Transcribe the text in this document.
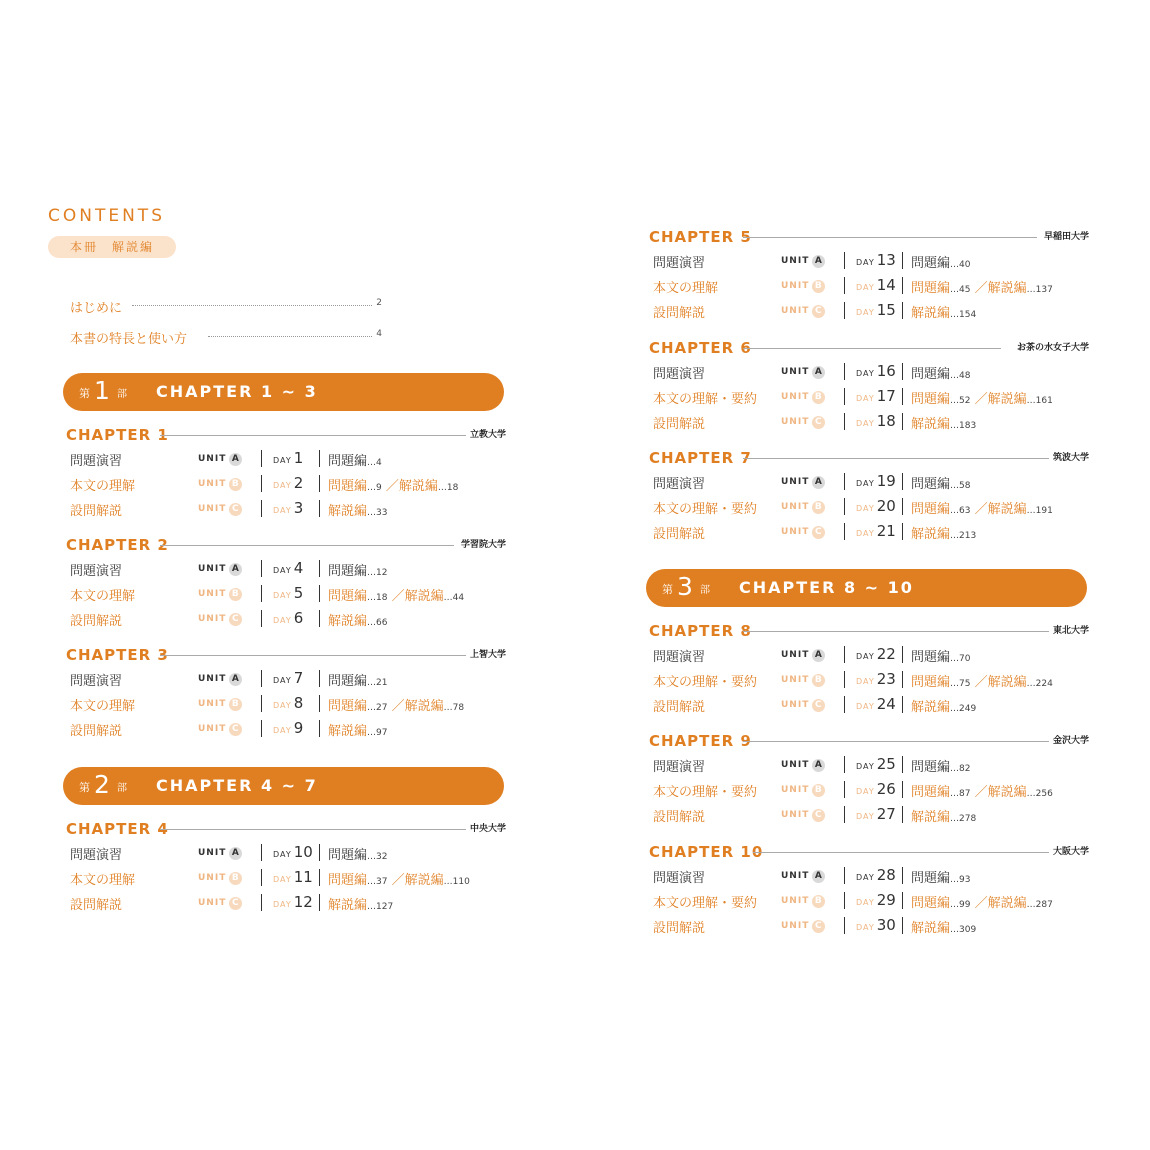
CONTENTS
本冊　解説編
はじめに	2
本書の特長と使い方	4
第 1 部 CHAPTER 1 ~ 3
第 2 部 CHAPTER 4 ~ 7
第 3 部 CHAPTER 8 ~ 10
CHAPTER 1	立教大学
問題演習	UNIT A	DAY 1 問題編…4
本文の理解	UNIT B	DAY 2 問題編…9 ／解説編…18
設問解説	UNIT C	DAY 3 解説編…33
CHAPTER 2	学習院大学
問題演習	UNIT A	DAY 4 問題編…12
本文の理解	UNIT B	DAY 5 問題編…18 ／解説編…44
設問解説	UNIT C	DAY 6 解説編…66
CHAPTER 3	上智大学
問題演習	UNIT A	DAY 7 問題編…21
本文の理解	UNIT B	DAY 8 問題編…27 ／解説編…78
設問解説	UNIT C	DAY 9 解説編…97
CHAPTER 4	中央大学
問題演習	UNIT A	DAY 10 問題編…32
本文の理解	UNIT B	DAY 11 問題編…37 ／解説編…110
設問解説	UNIT C	DAY 12 解説編…127
CHAPTER 5	早稲田大学
問題演習	UNIT A	DAY 13 問題編…40
本文の理解	UNIT B	DAY 14 問題編…45 ／解説編…137
設問解説	UNIT C	DAY 15 解説編…154
CHAPTER 6	お茶の水女子大学
問題演習	UNIT A	DAY 16 問題編…48
本文の理解・要約	UNIT B	DAY 17 問題編…52 ／解説編…161
設問解説	UNIT C	DAY 18 解説編…183
CHAPTER 7	筑波大学
問題演習	UNIT A	DAY 19 問題編…58
本文の理解・要約	UNIT B	DAY 20 問題編…63 ／解説編…191
設問解説	UNIT C	DAY 21 解説編…213
CHAPTER 8	東北大学
問題演習	UNIT A	DAY 22 問題編…70
本文の理解・要約	UNIT B	DAY 23 問題編…75 ／解説編…224
設問解説	UNIT C	DAY 24 解説編…249
CHAPTER 9	金沢大学
問題演習	UNIT A	DAY 25 問題編…82
本文の理解・要約	UNIT B	DAY 26 問題編…87 ／解説編…256
設問解説	UNIT C	DAY 27 解説編…278
CHAPTER 10	大阪大学
問題演習	UNIT A	DAY 28 問題編…93
本文の理解・要約	UNIT B	DAY 29 問題編…99 ／解説編…287
設問解説	UNIT C	DAY 30 解説編…309
